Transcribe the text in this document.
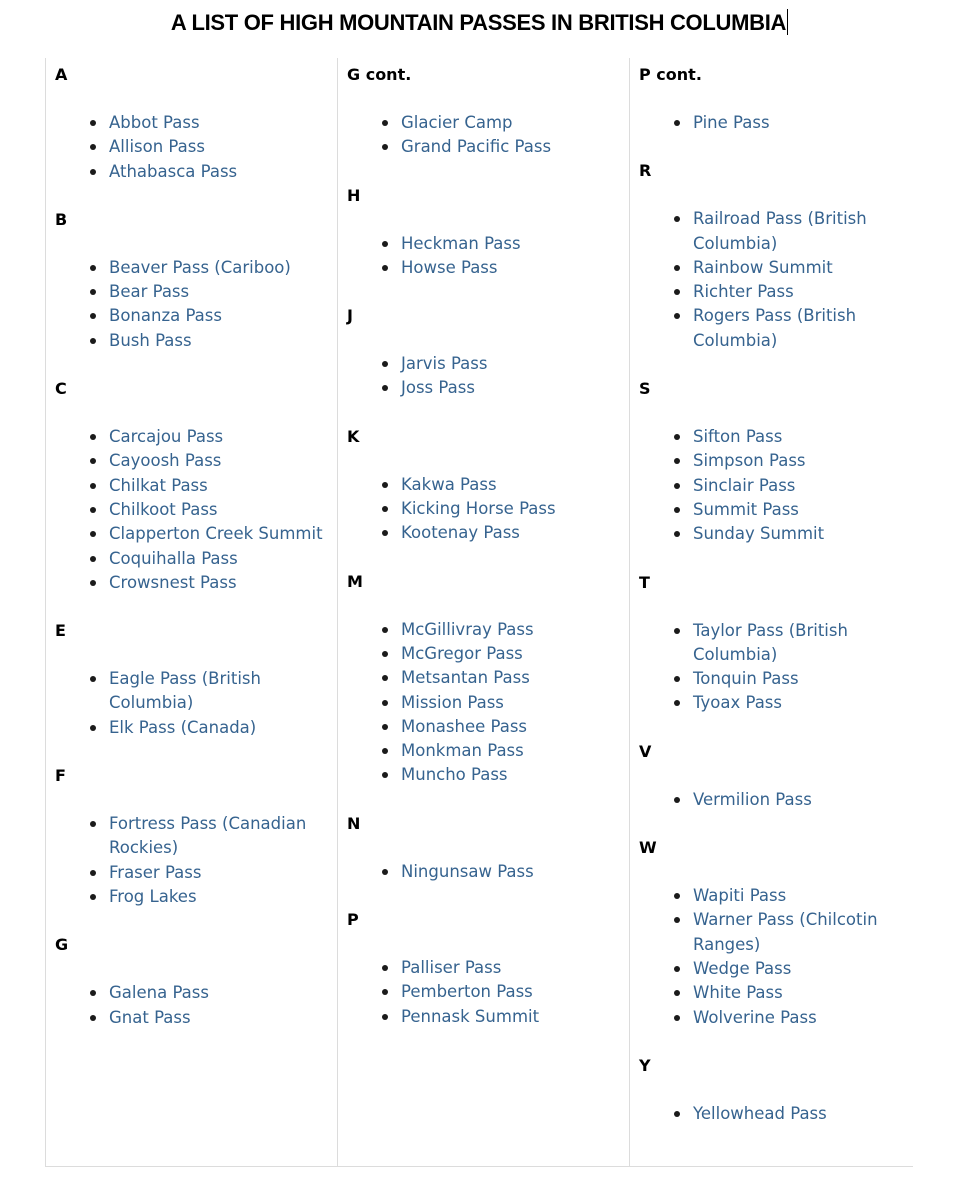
A LIST OF HIGH MOUNTAIN PASSES IN BRITISH COLUMBIA
A
Abbot Pass
Allison Pass
Athabasca Pass
B
Beaver Pass (Cariboo)
Bear Pass
Bonanza Pass
Bush Pass
C
Carcajou Pass
Cayoosh Pass
Chilkat Pass
Chilkoot Pass
Clapperton Creek Summit
Coquihalla Pass
Crowsnest Pass
E
Eagle Pass (British Columbia)
Elk Pass (Canada)
F
Fortress Pass (Canadian Rockies)
Fraser Pass
Frog Lakes
G
Galena Pass
Gnat Pass
G cont.
Glacier Camp
Grand Pacific Pass
H
Heckman Pass
Howse Pass
J
Jarvis Pass
Joss Pass
K
Kakwa Pass
Kicking Horse Pass
Kootenay Pass
M
McGillivray Pass
McGregor Pass
Metsantan Pass
Mission Pass
Monashee Pass
Monkman Pass
Muncho Pass
N
Ningunsaw Pass
P
Palliser Pass
Pemberton Pass
Pennask Summit
P cont.
Pine Pass
R
Railroad Pass (British Columbia)
Rainbow Summit
Richter Pass
Rogers Pass (British Columbia)
S
Sifton Pass
Simpson Pass
Sinclair Pass
Summit Pass
Sunday Summit
T
Taylor Pass (British Columbia)
Tonquin Pass
Tyoax Pass
V
Vermilion Pass
W
Wapiti Pass
Warner Pass (Chilcotin Ranges)
Wedge Pass
White Pass
Wolverine Pass
Y
Yellowhead Pass
